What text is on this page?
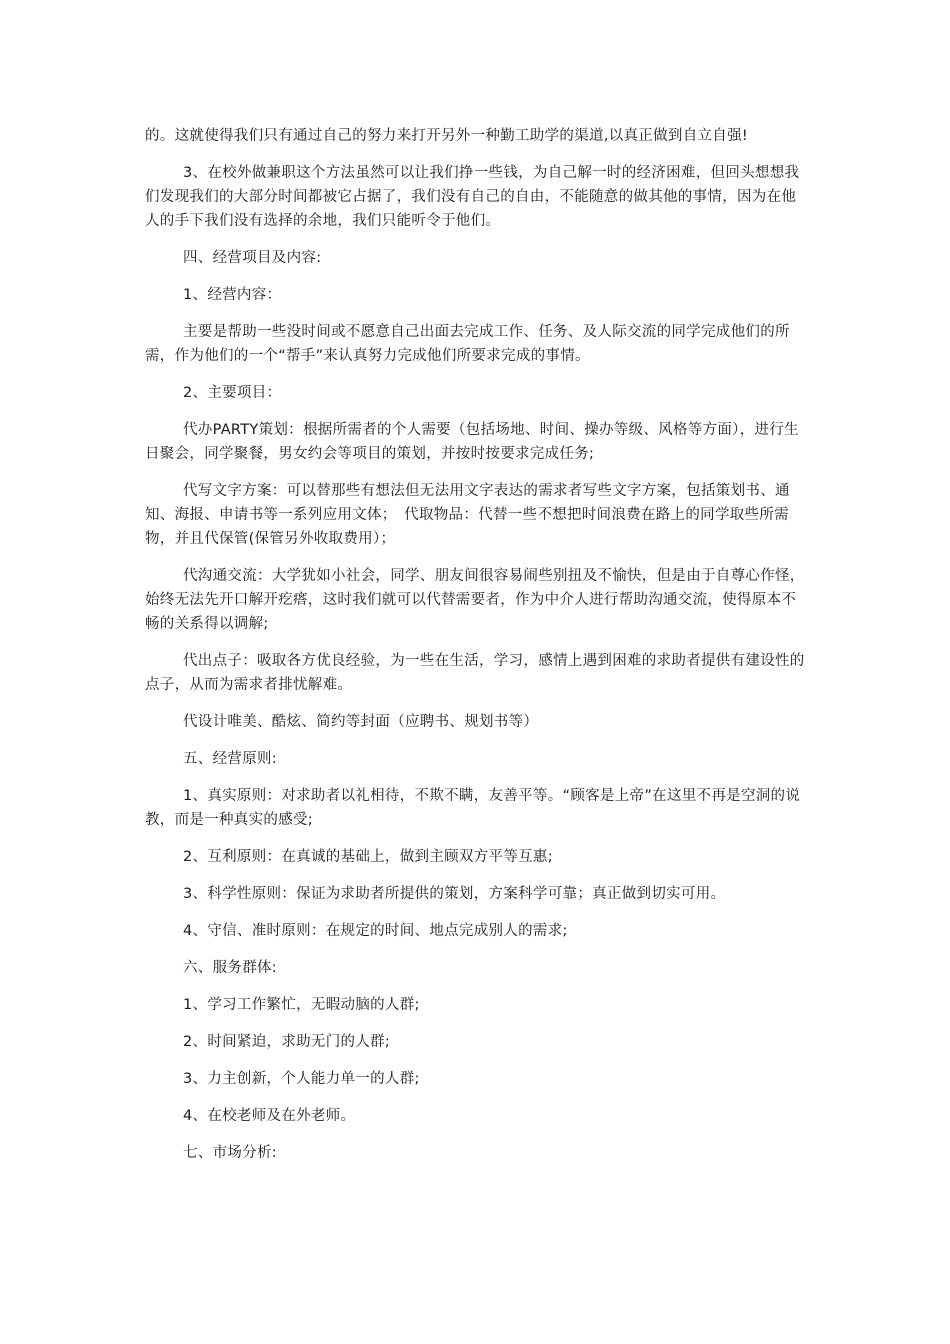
的。这就使得我们只有通过自己的努力来打开另外一种勤工助学的渠道,以真正做到自立自强!

3、在校外做兼职这个方法虽然可以让我们挣一些钱，为自己解一时的经济困难，但回头想想我们发现我们的大部分时间都被它占据了，我们没有自己的自由，不能随意的做其他的事情，因为在他人的手下我们没有选择的余地，我们只能听令于他们。

四、经营项目及内容:

1、经营内容：

主要是帮助一些没时间或不愿意自己出面去完成工作、任务、及人际交流的同学完成他们的所需，作为他们的一个“帮手”来认真努力完成他们所要求完成的事情。

2、主要项目：

代办PARTY策划：根据所需者的个人需要（包括场地、时间、操办等级、风格等方面），进行生日聚会，同学聚餐，男女约会等项目的策划，并按时按要求完成任务;

代写文字方案：可以替那些有想法但无法用文字表达的需求者写些文字方案，包括策划书、通知、海报、申请书等一系列应用文体；　代取物品：代替一些不想把时间浪费在路上的同学取些所需物，并且代保管(保管另外收取费用）；

代沟通交流：大学犹如小社会，同学、朋友间很容易闹些别扭及不愉快，但是由于自尊心作怪，始终无法先开口解开疙瘩，这时我们就可以代替需要者，作为中介人进行帮助沟通交流，使得原本不畅的关系得以调解;

代出点子：吸取各方优良经验，为一些在生活，学习，感情上遇到困难的求助者提供有建设性的点子，从而为需求者排忧解难。

代设计唯美、酷炫、简约等封面（应聘书、规划书等）

五、经营原则:

1、真实原则：对求助者以礼相待，不欺不瞒，友善平等。“顾客是上帝”在这里不再是空洞的说教，而是一种真实的感受;

2、互利原则：在真诚的基础上，做到主顾双方平等互惠;

3、科学性原则：保证为求助者所提供的策划，方案科学可靠；真正做到切实可用。

4、守信、准时原则：在规定的时间、地点完成别人的需求;

六、服务群体:

1、学习工作繁忙，无暇动脑的人群;

2、时间紧迫，求助无门的人群;

3、力主创新，个人能力单一的人群;

4、在校老师及在外老师。

七、市场分析:
